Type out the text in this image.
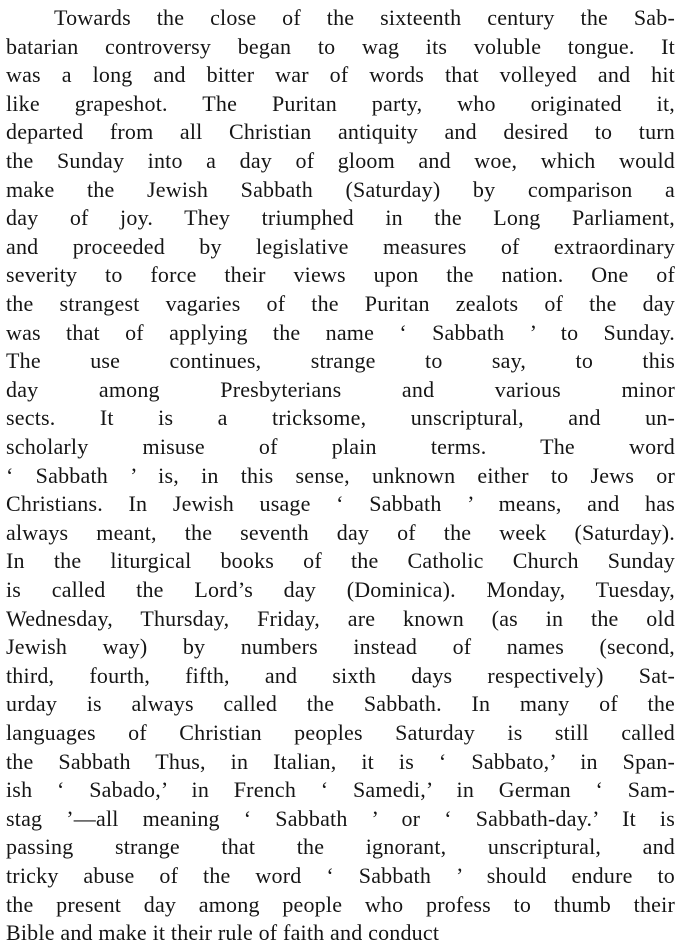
Towards the close of the sixteenth century the Sab-
batarian controversy began to wag its voluble tongue. It
was a long and bitter war of words that volleyed and hit
like grapeshot. The Puritan party, who originated it,
departed from all Christian antiquity and desired to turn
the Sunday into a day of gloom and woe, which would
make the Jewish Sabbath (Saturday) by comparison a
day of joy. They triumphed in the Long Parliament,
and proceeded by legislative measures of extraordinary
severity to force their views upon the nation. One of
the strangest vagaries of the Puritan zealots of the day
was that of applying the name ‘ Sabbath ’ to Sunday.
The use continues, strange to say, to this
day among Presbyterians and various minor
sects. It is a tricksome, unscriptural, and un-
scholarly misuse of plain terms. The word
‘ Sabbath ’ is, in this sense, unknown either to Jews or
Christians. In Jewish usage ‘ Sabbath ’ means, and has
always meant, the seventh day of the week (Saturday).
In the liturgical books of the Catholic Church Sunday
is called the Lord’s day (Dominica). Monday, Tuesday,
Wednesday, Thursday, Friday, are known (as in the old
Jewish way) by numbers instead of names (second,
third, fourth, fifth, and sixth days respectively) Sat-
urday is always called the Sabbath. In many of the
languages of Christian peoples Saturday is still called
the Sabbath Thus, in Italian, it is ‘ Sabbato,’ in Span-
ish ‘ Sabado,’ in French ‘ Samedi,’ in German ‘ Sam-
stag ’—all meaning ‘ Sabbath ’ or ‘ Sabbath-day.’ It is
passing strange that the ignorant, unscriptural, and
tricky abuse of the word ‘ Sabbath ’ should endure to
the present day among people who profess to thumb their
Bible and make it their rule of faith and conduct
